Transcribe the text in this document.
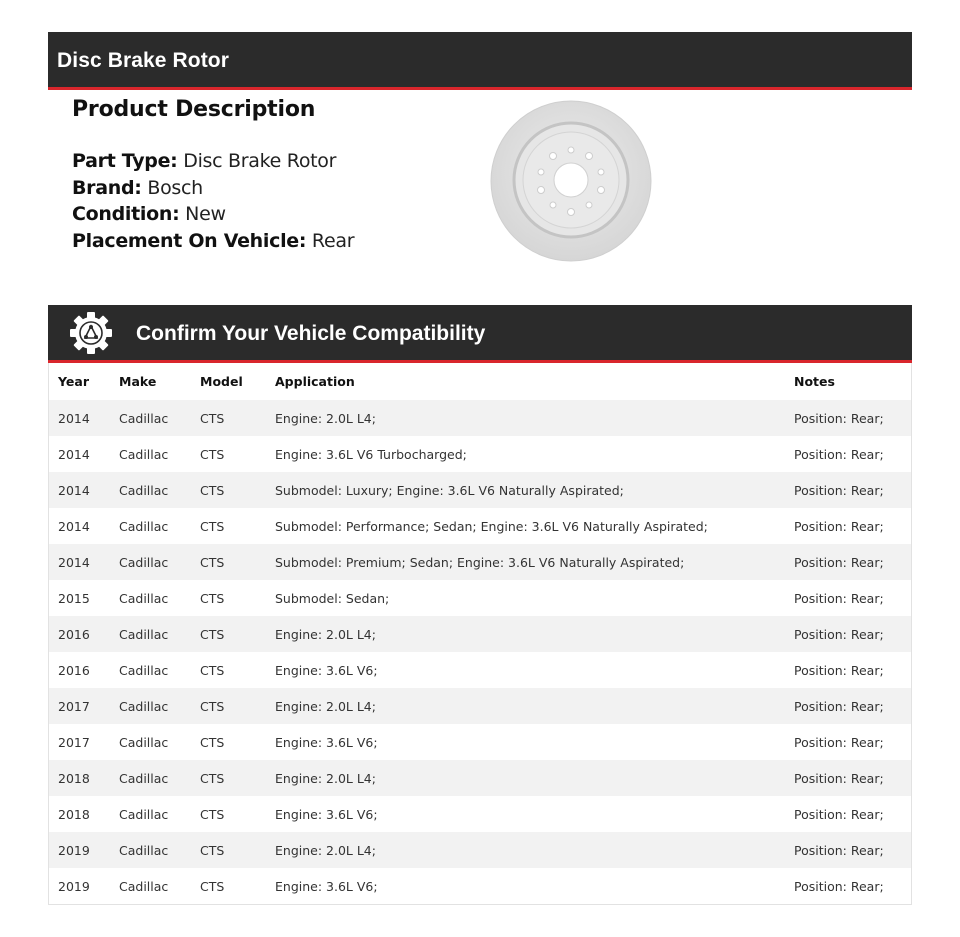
Disc Brake Rotor
Product Description
Part Type: Disc Brake Rotor
Brand: Bosch
Condition: New
Placement On Vehicle: Rear
Confirm Your Vehicle Compatibility
Year	Make	Model	Application	Notes
2014	Cadillac	CTS	Engine: 2.0L L4;	Position: Rear;
2014	Cadillac	CTS	Engine: 3.6L V6 Turbocharged;	Position: Rear;
2014	Cadillac	CTS	Submodel: Luxury; Engine: 3.6L V6 Naturally Aspirated;	Position: Rear;
2014	Cadillac	CTS	Submodel: Performance; Sedan; Engine: 3.6L V6 Naturally Aspirated;	Position: Rear;
2014	Cadillac	CTS	Submodel: Premium; Sedan; Engine: 3.6L V6 Naturally Aspirated;	Position: Rear;
2015	Cadillac	CTS	Submodel: Sedan;	Position: Rear;
2016	Cadillac	CTS	Engine: 2.0L L4;	Position: Rear;
2016	Cadillac	CTS	Engine: 3.6L V6;	Position: Rear;
2017	Cadillac	CTS	Engine: 2.0L L4;	Position: Rear;
2017	Cadillac	CTS	Engine: 3.6L V6;	Position: Rear;
2018	Cadillac	CTS	Engine: 2.0L L4;	Position: Rear;
2018	Cadillac	CTS	Engine: 3.6L V6;	Position: Rear;
2019	Cadillac	CTS	Engine: 2.0L L4;	Position: Rear;
2019	Cadillac	CTS	Engine: 3.6L V6;	Position: Rear;
